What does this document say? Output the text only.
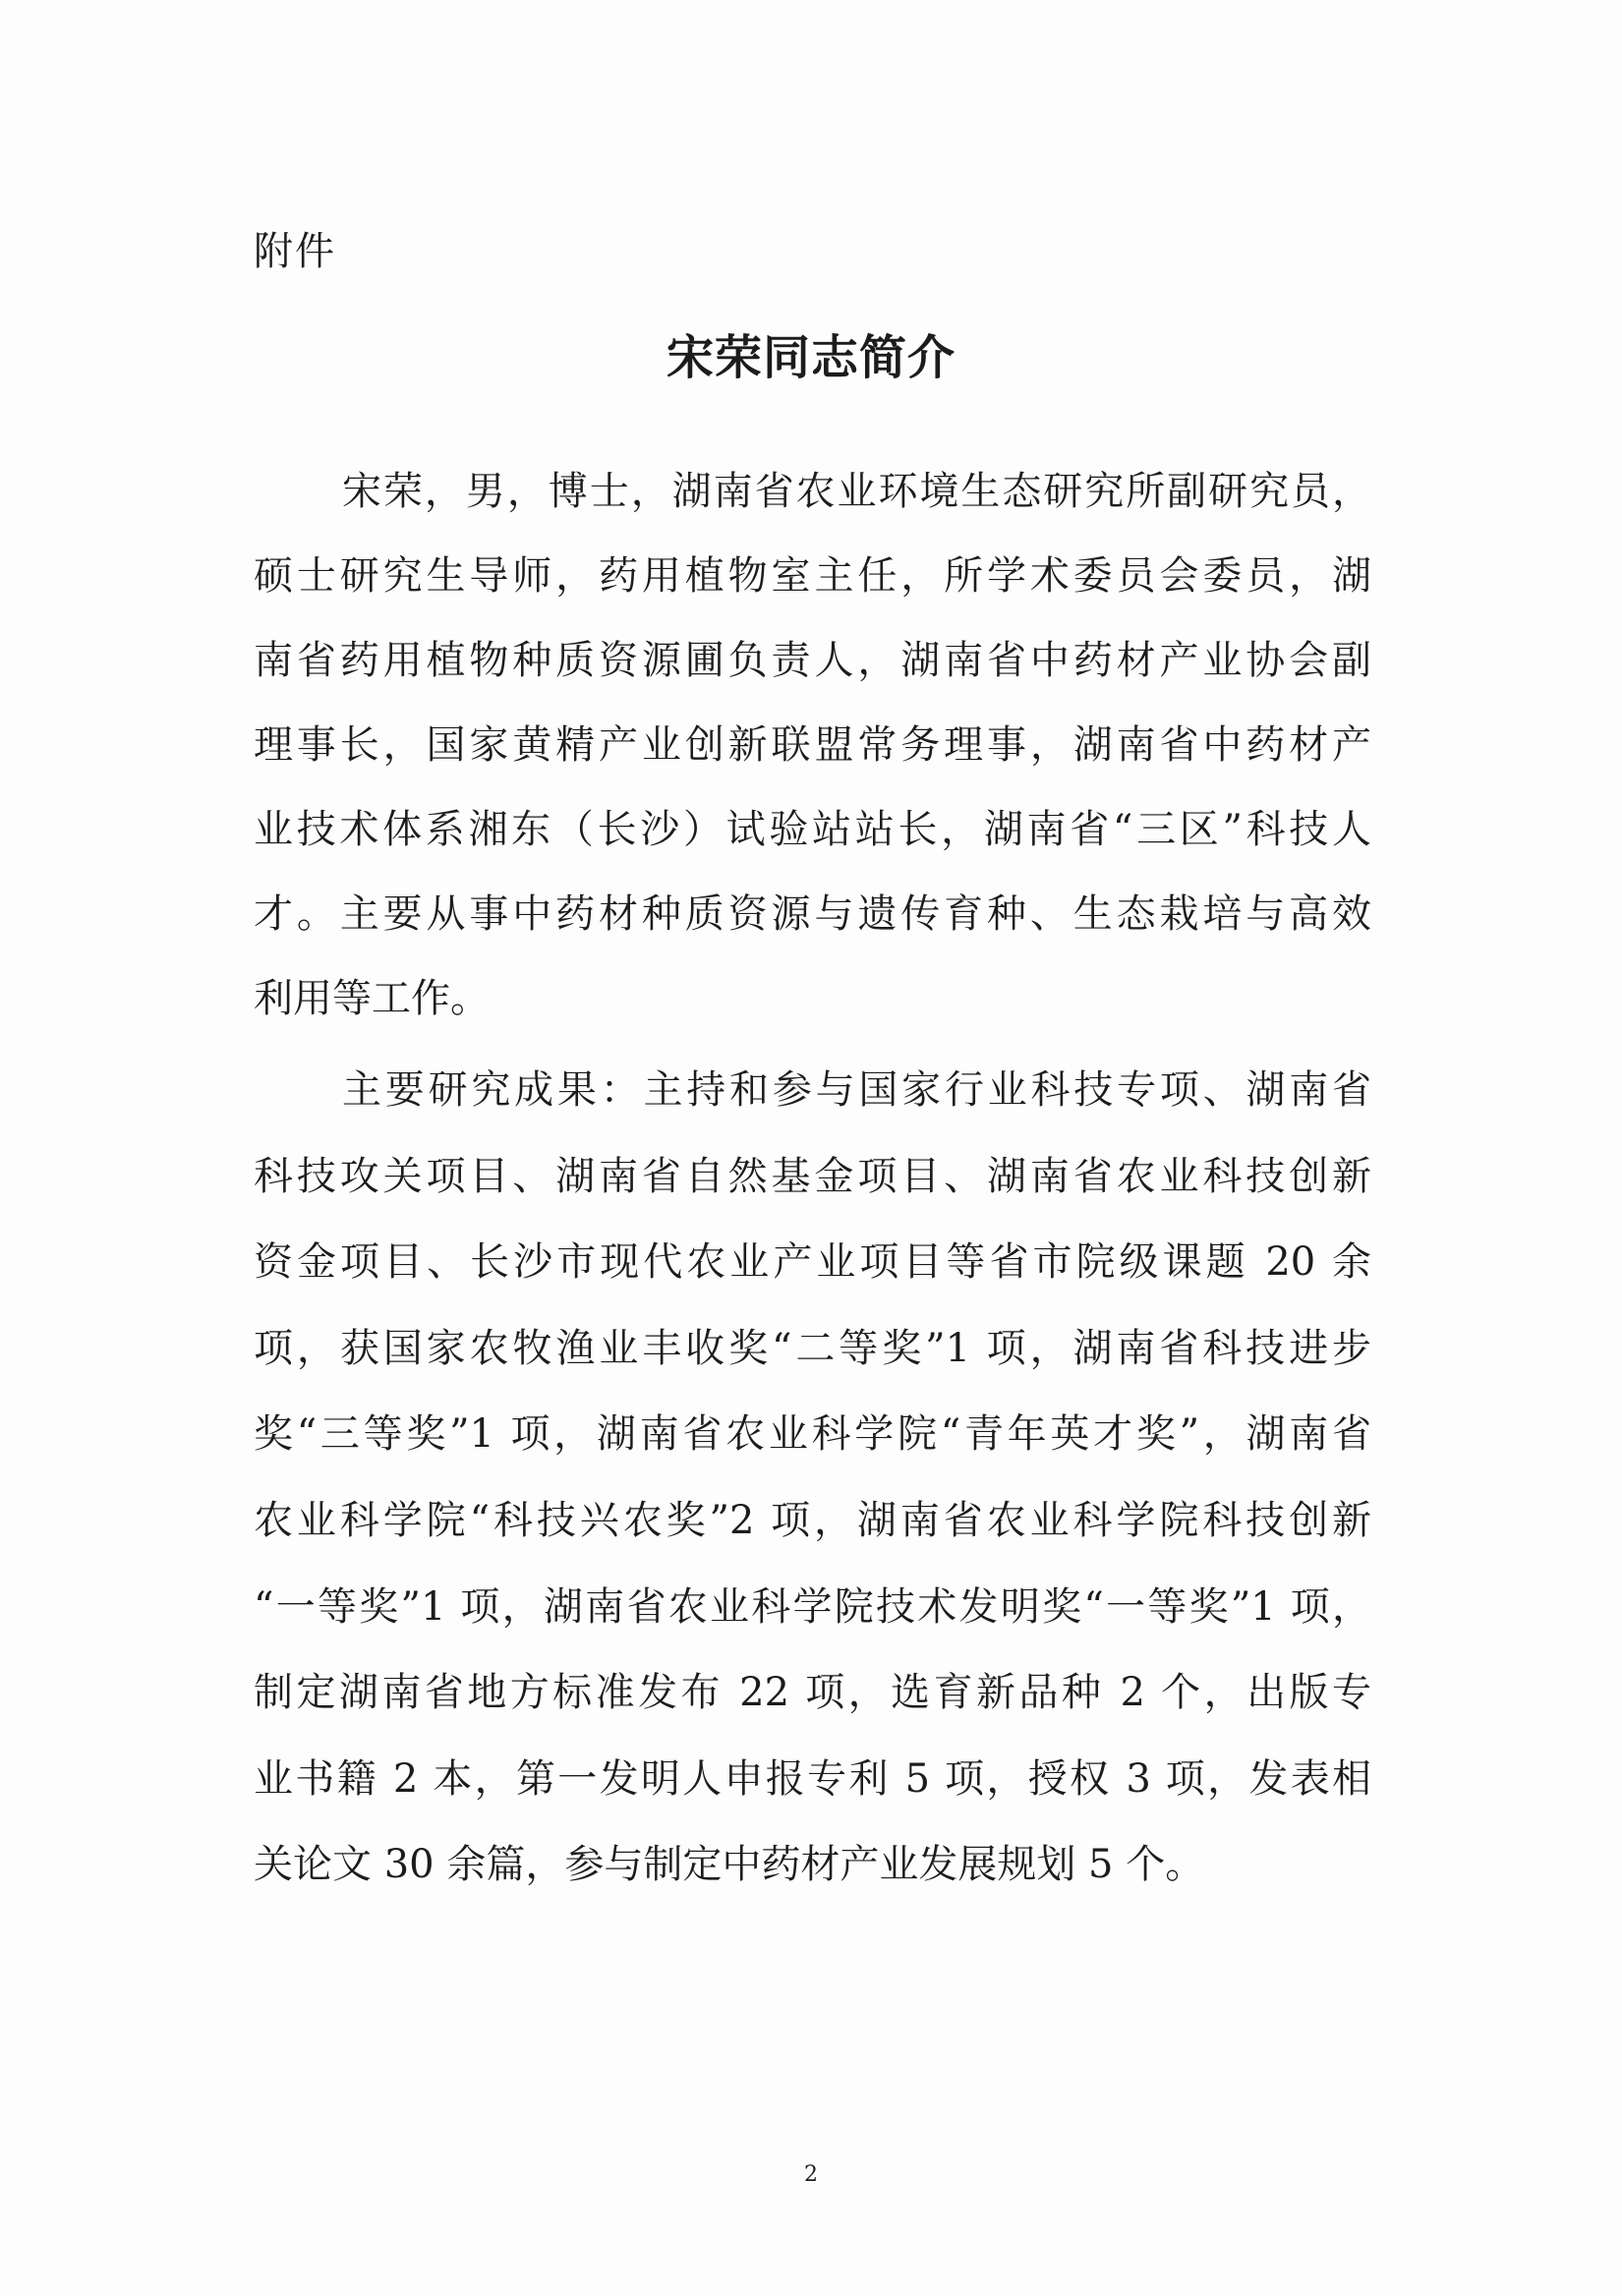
附件
宋荣同志简介
宋荣，男，博士，湖南省农业环境生态研究所副研究员，
硕士研究生导师，药用植物室主任，所学术委员会委员，湖
南省药用植物种质资源圃负责人，湖南省中药材产业协会副
理事长，国家黄精产业创新联盟常务理事，湖南省中药材产
业技术体系湘东（长沙）试验站站长，湖南省“三区”科技人
才。主要从事中药材种质资源与遗传育种、生态栽培与高效
利用等工作。
主要研究成果：主持和参与国家行业科技专项、湖南省
科技攻关项目、湖南省自然基金项目、湖南省农业科技创新
资金项目、长沙市现代农业产业项目等省市院级课题 20 余
项，获国家农牧渔业丰收奖“二等奖”1 项，湖南省科技进步
奖“三等奖”1 项，湖南省农业科学院“青年英才奖”，湖南省
农业科学院“科技兴农奖”2 项，湖南省农业科学院科技创新
“一等奖”1 项，湖南省农业科学院技术发明奖“一等奖”1 项，
制定湖南省地方标准发布 22 项，选育新品种 2 个，出版专
业书籍 2 本，第一发明人申报专利 5 项，授权 3 项，发表相
关论文 30 余篇，参与制定中药材产业发展规划 5 个。
2
